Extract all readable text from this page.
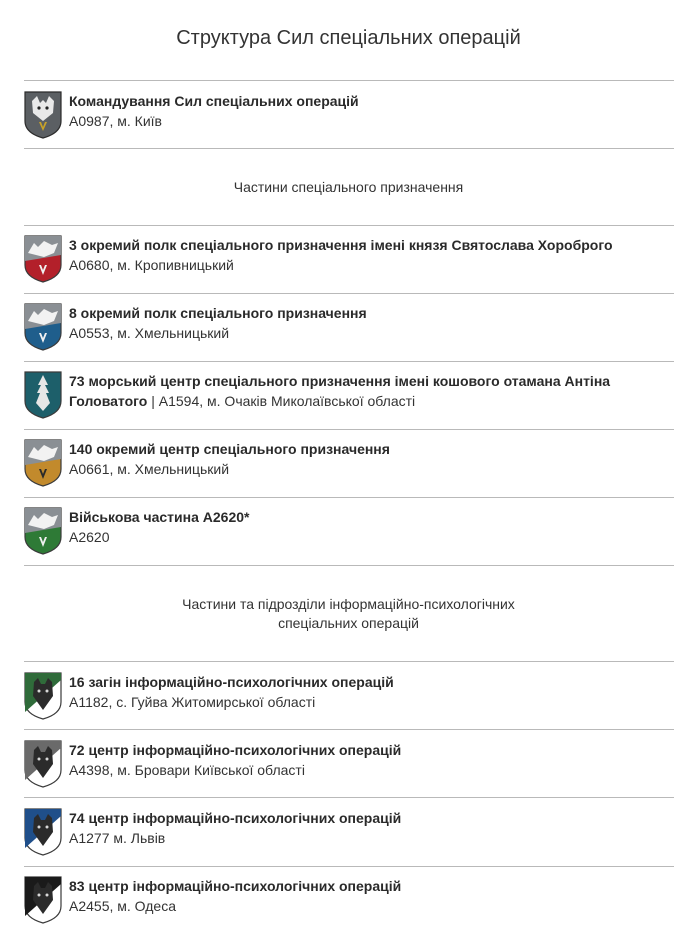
Структура Сил спеціальних операцій
Командування Сил спеціальних операцій
А0987, м. Київ
Частини спеціального призначення
3 окремий полк спеціального призначення імені князя Святослава Хороброго
А0680, м. Кропивницький
8 окремий полк спеціального призначення
А0553, м. Хмельницький
73 морський центр спеціального призначення імені кошового отамана Антіна
Головатого | А1594, м. Очаків Миколаївської області
140 окремий центр спеціального призначення
А0661, м. Хмельницький
Військова частина А2620*
А2620
Частини та підрозділи інформаційно-психологічних
спеціальних операцій
16 загін інформаційно-психологічних операцій
А1182, с. Гуйва Житомирської області
72 центр інформаційно-психологічних операцій
А4398, м. Бровари Київської області
74 центр інформаційно-психологічних операцій
А1277 м. Львів
83 центр інформаційно-психологічних операцій
А2455, м. Одеса
